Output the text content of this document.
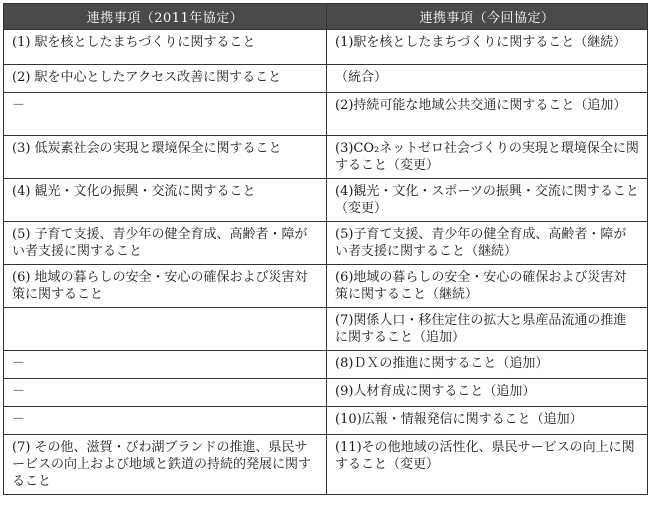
連携事項（2011年協定）	連携事項（今回協定）
(1) 駅を核としたまちづくりに関すること	(1)駅を核としたまちづくりに関すること（継続）
(2) 駅を中心としたアクセス改善に関すること	（統合）
－	(2)持続可能な地域公共交通に関すること（追加）
(3) 低炭素社会の実現と環境保全に関すること	(3)CO₂ネットゼロ社会づくりの実現と環境保全に関すること（変更）
(4) 観光・文化の振興・交流に関すること	(4)観光・文化・スポーツの振興・交流に関すること（変更）
(5) 子育て支援、青少年の健全育成、高齢者・障がい者支援に関すること	(5)子育て支援、青少年の健全育成、高齢者・障がい者支援に関すること（継続）
(6) 地域の暮らしの安全・安心の確保および災害対策に関すること	(6)地域の暮らしの安全・安心の確保および災害対策に関すること（継続）
	(7)関係人口・移住定住の拡大と県産品流通の推進に関すること（追加）
－	(8)ＤＸの推進に関すること（追加）
－	(9)人材育成に関すること（追加）
－	(10)広報・情報発信に関すること（追加）
(7) その他、滋賀・びわ湖ブランドの推進、県民サービスの向上および地域と鉄道の持続的発展に関すること	(11)その他地域の活性化、県民サービスの向上に関すること（変更）
